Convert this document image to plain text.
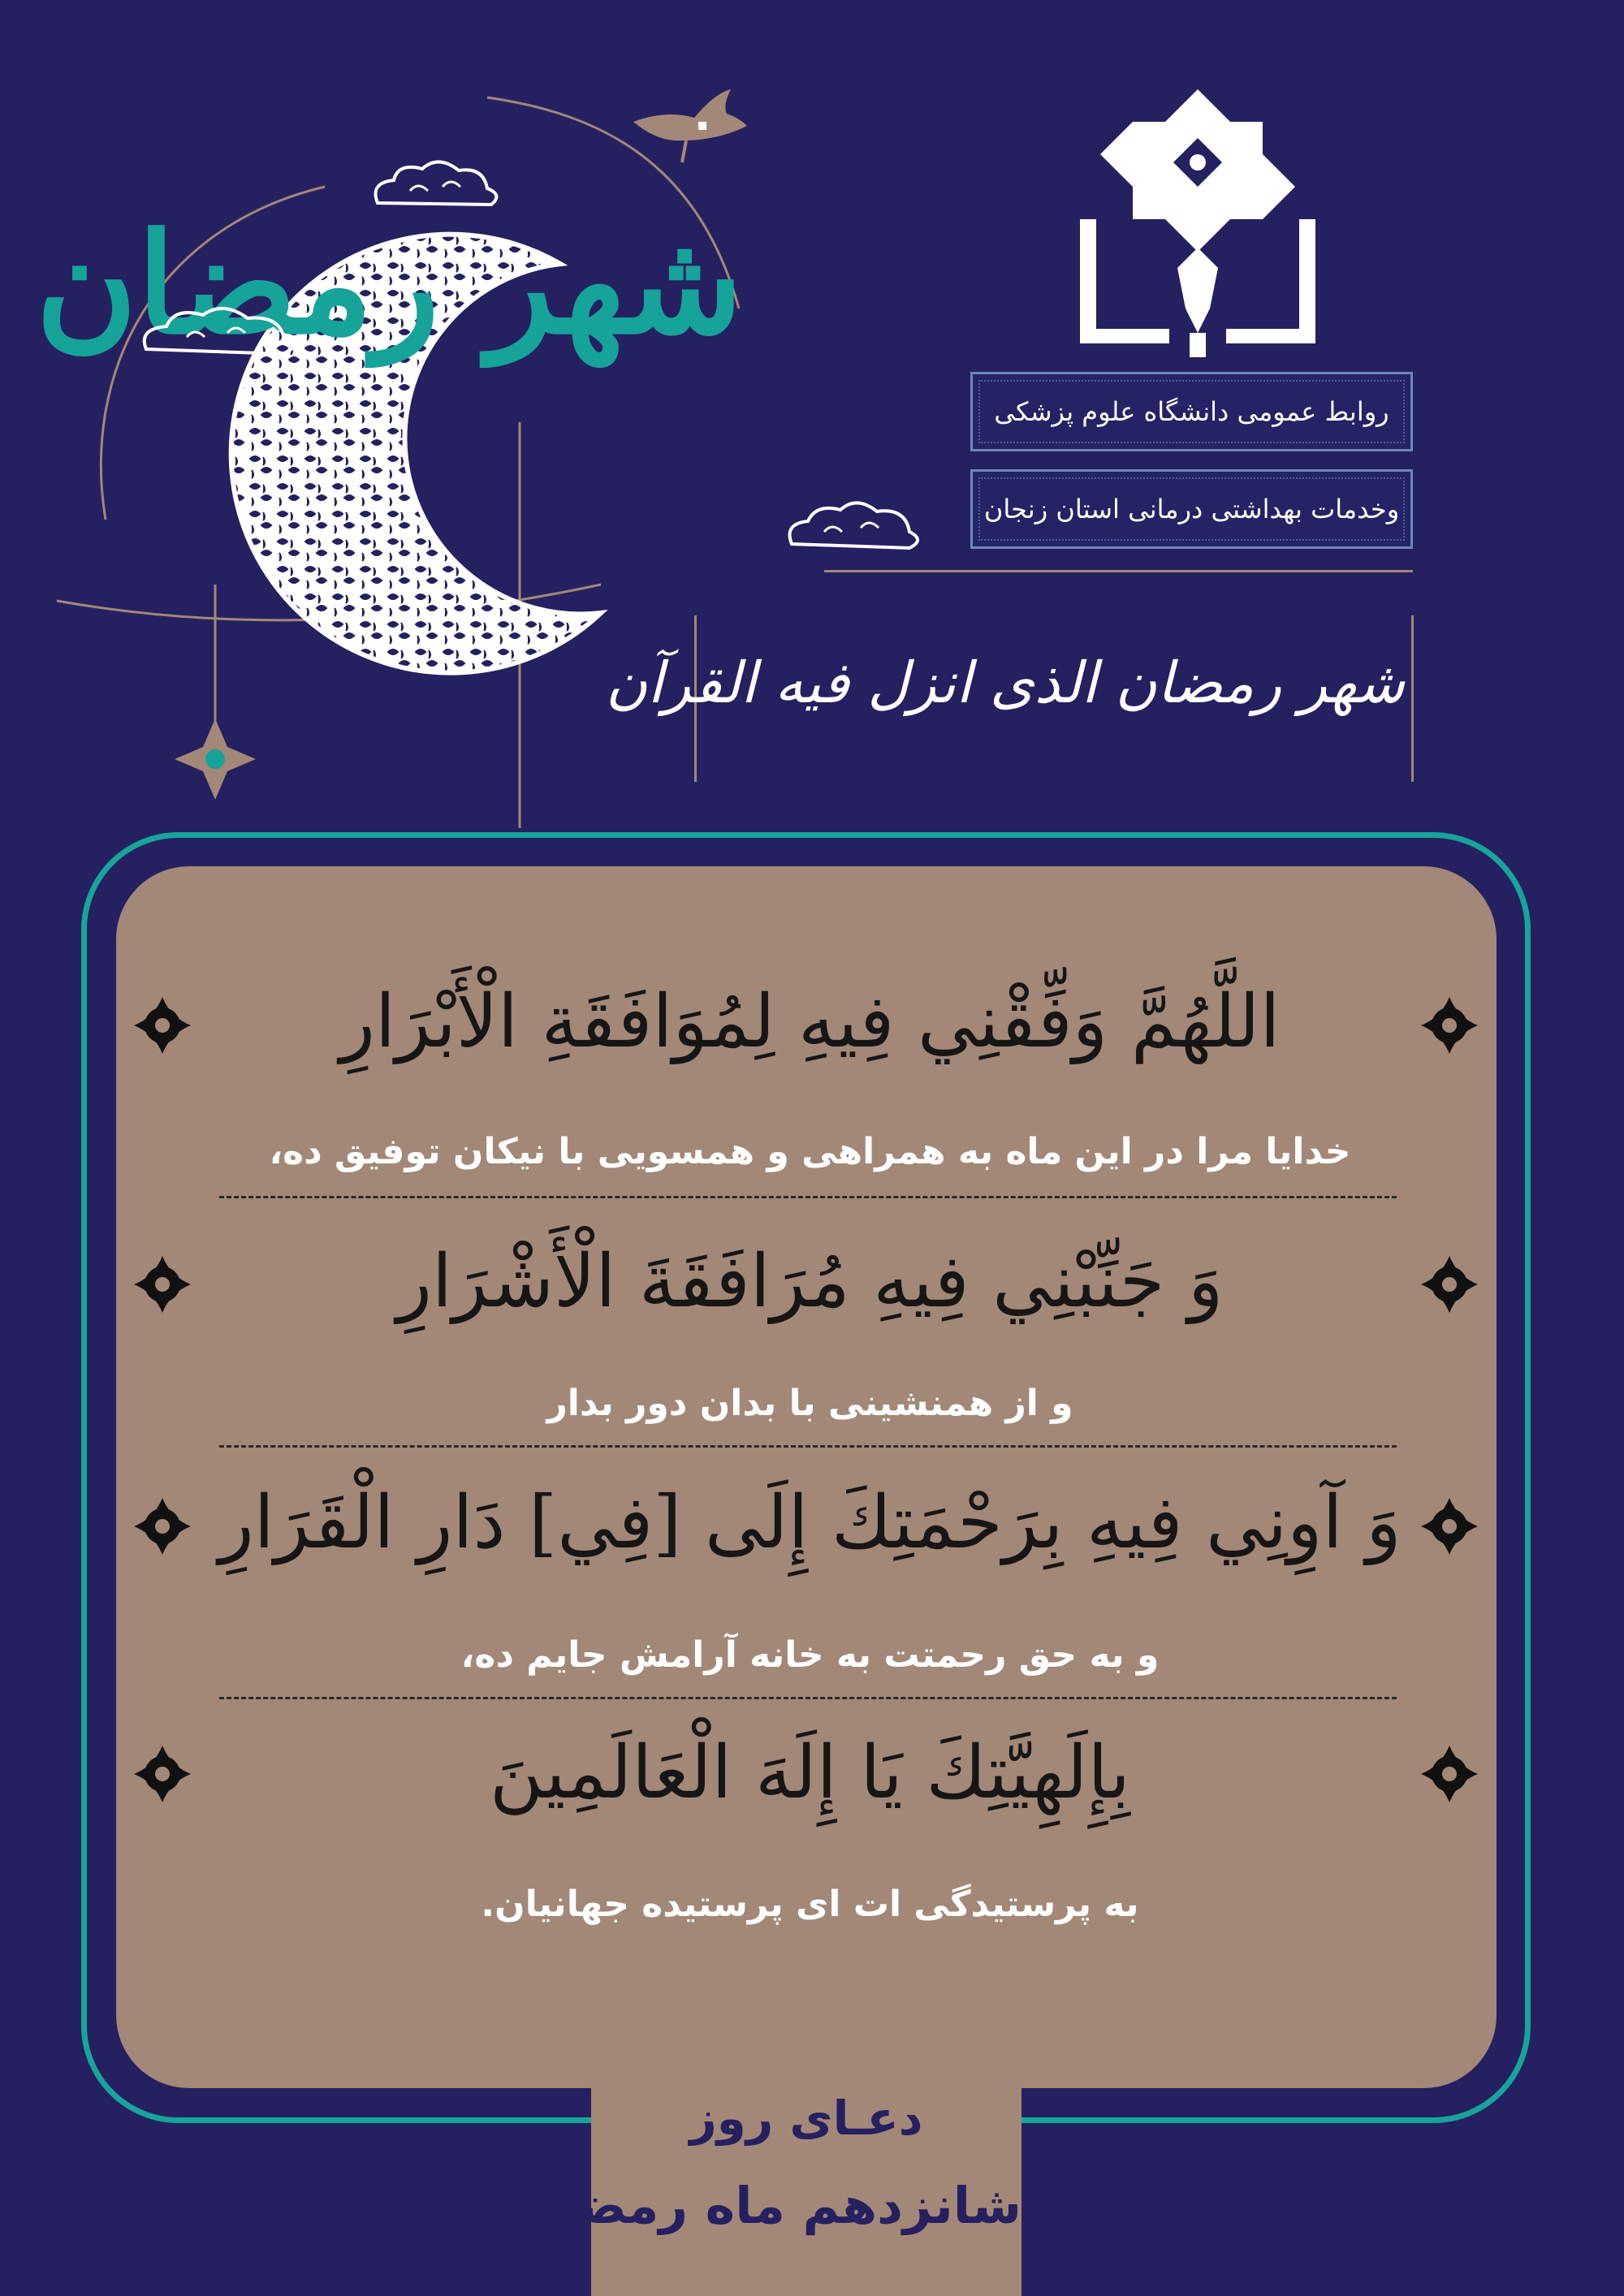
شهر رمضان
روابط عمومی دانشگاه علوم پزشکی
وخدمات بهداشتی درمانی استان زنجان
شهر رمضان الذی انزل فیه القرآن
اللَّهُمَّ وَفِّقْنِي فِيهِ لِمُوَافَقَةِ الْأَبْرَارِ
خدایا مرا در این ماه به همراهی و همسویی با نیکان توفیق ده،
وَ جَنِّبْنِي فِيهِ مُرَافَقَةَ الْأَشْرَارِ
و از همنشینی با بدان دور بدار
وَ آوِنِي فِيهِ بِرَحْمَتِكَ إِلَى [فِي] دَارِ الْقَرَارِ
و به حق رحمتت به خانه آرامش جایم ده،
بِإِلَهِيَّتِكَ يَا إِلَهَ الْعَالَمِينَ
به پرستیدگی ات ای پرستیده جهانیان.
دعـای روز
شانزدهم ماه رمضان
